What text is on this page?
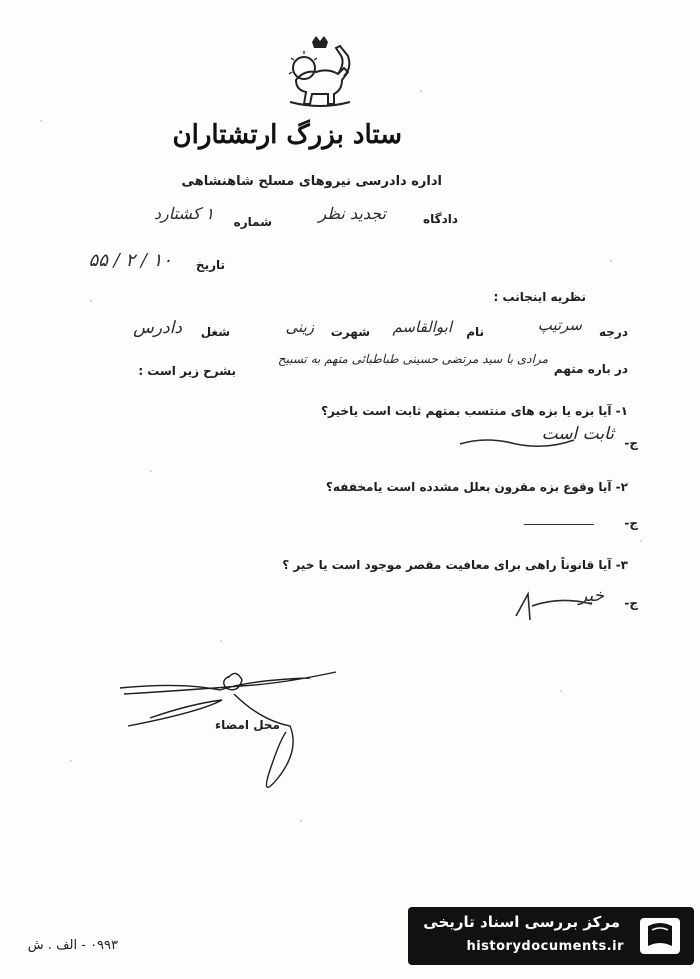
ستاد بزرگ ارتشتاران
اداره دادرسی نیروهای مسلح شاهنشاهی
دادگاه
تجدید نظر
شماره
۱ کشتارد
تاریخ
۱۰ / ۲ / ۵۵
نظریه اینجانب :
درجه
سرتیپ
نام
ابوالقاسم
شهرت
زینی
شغل
دادرس
در باره متهم
مرادی با سید مرتضی حسینی طباطبائی متهم به تسبیح
بشرح زیر است :
۱- آیا بزه یا بزه های منتسب بمتهم ثابت است یاخیر؟
ج-
ثابت است
۲- آیا وقوع بزه مقرون بعلل مشدده است یامخففه؟
ج-
۳- آیا قانوناً راهی برای معافیت مقصر موجود است یا خیر ؟
ج-
خیر
محل امضاء
۰۹۹۳ - الف . ش
مرکز بررسی اسناد تاریخی
historydocuments.ir
